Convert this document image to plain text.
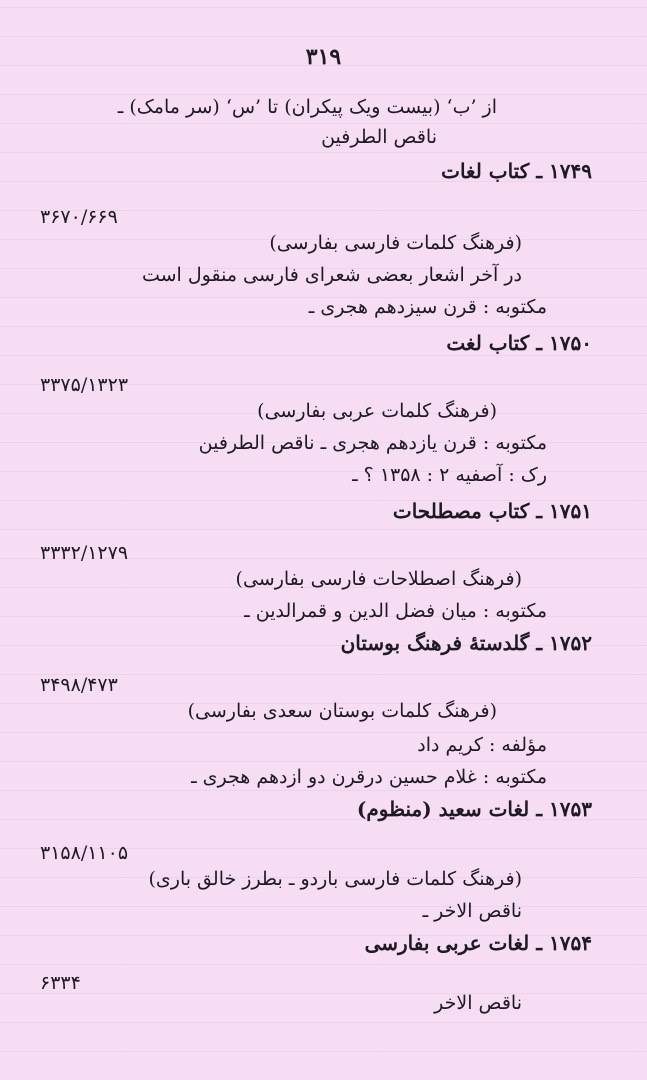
۳۱۹
از ’ب‘ (بیست ویک پیکران) تا ’س‘ (سر مامک) ـ
ناقص الطرفین
۱۷۴۹ ـ کتاب لغات
۳۶۷۰/۶۶۹
(فرهنگ کلمات فارسی بفارسی)
در آخر اشعار بعضی شعرای فارسی منقول است
مکتوبه : قرن سیزدهم هجری ـ
۱۷۵۰ ـ کتاب لغت
۳۳۷۵/۱۳۲۳
(فرهنگ کلمات عربی بفارسی)
مکتوبه : قرن یازدهم هجری ـ ناقص الطرفین
رک : آصفیه ۲ : ۱۳۵۸ ؟ ـ
۱۷۵۱ ـ کتاب مصطلحات
۳۳۳۲/۱۲۷۹
(فرهنگ اصطلاحات فارسی بفارسی)
مکتوبه : میان فضل الدین و قمرالدین ـ
۱۷۵۲ ـ گلدستهٔ فرهنگ بوستان
۳۴۹۸/۴۷۳
(فرهنگ کلمات بوستان سعدی بفارسی)
مؤلفه : کریم داد
مکتوبه : غلام حسین درقرن دو ازدهم هجری ـ
۱۷۵۳ ـ لغات سعید (منظوم)
۳۱۵۸/۱۱۰۵
(فرهنگ کلمات فارسی باردو ـ بطرز خالق باری)
ناقص الاخر ـ
۱۷۵۴ ـ لغات عربی بفارسی
۶۳۳۴
ناقص الاخر
